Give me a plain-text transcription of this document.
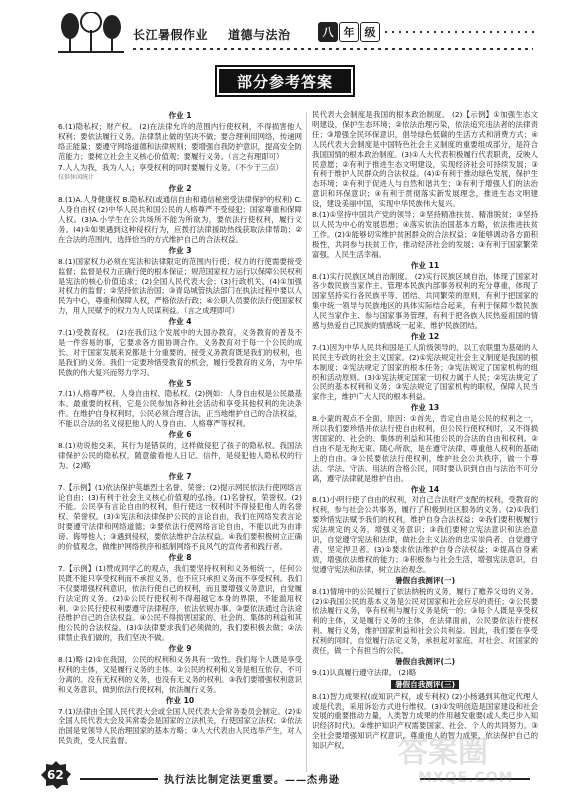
长江暑假作业 道德与法治	八 年 级
部分参考答案
作业 1
6.(1)隐私权；财产权。 (2)在法律允许的范围内行使权利，不得损害他人权利；要依法履行义务。法律禁止做的坚决不做；要合理利用网络，传递网络正能量；要遵守网络道德和法律规则；要增强自我防护意识，提高安全防范能力；要树立社会主义核心价值观；要履行义务。（言之有理即可）
7.人人为我，我为人人；享受权利的同时要履行义务。（不少于三点）
仅供休闲统计
作业 2
8.(1)A.人身健康权 B.隐私权(或通信自由和通信秘密受法律保护的权利) C.人身自由权 (2)中华人民共和国公民的人格尊严不受侵犯；国家尊重和保障人权。(3)A.小学生在公共场所不能为所欲为，要依法行使权利，履行义务。(4)①如果遇到这种侵权行为，应拨打法律援助热线获取法律帮助；②在合法的范围内，选择恰当的方式维护自己的合法权益。
作业 3
8.(1)国家权力必须在宪法和法律限定的范围内行使；权力的行使需要接受监督；监督是权力正确行使的根本保证；规范国家权力运行以保障公民权利是宪法的核心价值追求；(2)全国人民代表大会；(3)行政机关。(4)①加强对权力的监督；②坚持依法治国；③青岛城管执法部门在执法过程中要以人民为中心，尊重和保障人权，严格依法行政；④公职人员要依法行使国家权力，用人民赋予的权力为人民谋利益。（言之成理即可）
作业 4
7.(1)受教育权。 (2)在我们这个发展中的大国办教育，义务教育的普及不是一件容易的事，它要求各方面协调合作。义务教育对于每一个公民的成长、对于国家发展来说都是十分重要的。接受义务教育既是我们的权利，也是我们的义务。我们一定要珍惜受教育的机会，履行受教育的义务，为中华民族的伟大复兴而努力学习。
作业 5
7.(1)人格尊严权、人身自由权、隐私权。(2)例如：人身自由权是公民最基本、最重要的权利，它是公民参加各种社会活动和享受其他权利的先决条件。在维护自身权利时，公民必须合理合法，正当地维护自己的合法权益，不能以合法的名义侵犯他人的人身自由、人格尊严等权利。
作业 6
8.(1)劝说他交来，其行为是错误的，这样做侵犯了孩子的隐私权。我国法律保护公民的隐私权，随意偷看他人日记、信件，是侵犯他人隐私权的行为。(2)略
作业 7
7.【示例】(1)依法保护英雄烈士名誉、荣誉；(2)提示网民依法行使网络言论自由；(3)有利于社会主义核心价值观的弘扬。(1)名誉权，荣誉权。(2)不能。公民享有言论自由的权利，但行使这一权利时不得侵犯他人的名誉权、荣誉权。(3)①宪法和法律保护公民的言论自由，我们在网络发表言论时要遵守法律和网络道德；②要依法行使网络言论自由，不能以此为由诽谤、侮辱他人；③遇到侵权，要依法维护合法权益。④我们要积极树立正确的价值观念，做维护网络秩序和抵制网络不良风气的宣传者和践行者。
作业 8
7.【示例】(1)赞成同学乙的观点，我们要坚持权利和义务相统一，任何公民既不能只享受权利而不承担义务，也不应只承担义务而不享受权利。我们不仅要增强权利意识，依法行使自己的权利，而且要增强义务意识，自觉履行法定的义务。(2)①公民行使权利不得超越它本身的界限，不能滥用权利。②公民行使权利要遵守法律程序，依法依规办事。③要依法通过合法途径维护自己的合法权益。④公民不得损害国家的、社会的、集体的利益和其他公民的合法权益。(3)①法律要求我们必须做的，我们要积极去做；②法律禁止我们做的，我们坚决不做。
作业 9
8.(1)略 (2)①在我国，公民的权利和义务具有一致性。我们每个人既是享受权利的主体，又是履行义务的主体。②公民的权利和义务是相互依存、不可分离的。没有无权利的义务，也没有无义务的权利。③我们要增强权利意识和义务意识，做到依法行使权利，依法履行义务。
作业 10
7.(1)法律由全国人民代表大会或全国人民代表大会常务委员会制定。(2)①全国人民代表大会及其常委会是国家的立法机关，行使国家立法权；②依法治国是党领导人民治理国家的基本方略；③人大代表由人民选举产生，对人民负责，受人民监督。
民代表大会制度是我国的根本政治制度。 (2)【示例】①加强生态文明建设，保护生态环境；②依法治理污染，依法追究违法者的法律责任；③增强全民环保意识，倡导绿色低碳的生活方式和消费方式；④人民代表大会制度是中国特色社会主义制度的重要组成部分，是符合我国国情的根本政治制度。(3)①人大代表积极履行代表职责，反映人民意愿；②有利于推进生态文明建设，实现经济社会可持续发展；③有利于维护人民群众的合法权益。(4)①有利于推动绿色发展，保护生态环境；②有利于促进人与自然和谐共生；③有利于增强人们的法治意识和环保意识；④有利于贯彻落实新发展理念，推进生态文明建设，建设美丽中国，实现中华民族伟大复兴。
8.(1)①坚持中国共产党的领导；②坚持精准扶贫、精准脱贫；③坚持以人民为中心的发展思想；④落实依法治国基本方略，依法推进扶贫工作。(2)①能够切实维护贫困群众的合法权益；②能够调动各方面积极性，共同参与扶贫工作，推动经济社会的发展；③有利于国家繁荣富强，人民生活幸福。
作业 11
8.(1)实行民族区域自治制度。 (2)实行民族区域自治，体现了国家对各少数民族当家作主、管理本民族内部事务权利的充分尊重，体现了国家坚持实行各民族平等、团结、共同繁荣的原则，有利于把国家的集中统一领导与民族地区的具体实际结合起来，有利于保障少数民族人民当家作主、参与国家事务管理，有利于把各族人民热爱祖国的情感与热爱自己民族的情感统一起来，维护民族团结。
作业 12
7.(1)因为中华人民共和国是工人阶级领导的、以工农联盟为基础的人民民主专政的社会主义国家。(2)①宪法规定社会主义制度是我国的根本制度；②宪法规定了国家的根本任务；③宪法规定了国家机构的组织和活动原则。(3)①宪法规定国家一切权力属于人民；②宪法规定了公民的基本权利和义务；③宪法规定了国家机构的职权，保障人民当家作主，维护广大人民的根本利益。
作业 13
8.小蒙的观点不全面，原因：①首先，肯定自由是公民的权利之一，所以我们要珍惜并依法行使自由权利，但公民行使权利时，又不得损害国家的、社会的、集体的利益和其他公民的合法的自由和权利。②自由不是无拘无束、随心所欲，是在遵守法律、尊重他人权利的基础上的自由。③公民要依法行使权利，维护社会公共秩序，做一个尊法、学法、守法、用法的合格公民，同时要认识到自由与法治不可分离，遵守法律就是维护自由。
作业 14
8.(1)小明行使了自由的权利，对自己合法财产支配的权利，受教育的权利，参与社会公共事务，履行了积极到社区服务的义务。(2)①我们要珍惜宪法赋予我们的权利，维护自身合法权益；②我们要积极履行宪法规定的义务，增强义务意识；③我们要树立宪法意识和法治意识，自觉遵守宪法和法律，做社会主义法治的忠实崇尚者、自觉遵守者、坚定捍卫者。(3)①要求依法维护自身合法权益；②提高自身素质，增强依法维权的能力；③积极参与社会生活，增强宪法意识，自觉遵守宪法和法律，树立法治观念。
暑假自我测评(一)
8.(1)情境中的公民履行了依法纳税的义务，履行了赡养父母的义务。(2)①我国公民的基本义务是公民对国家和社会应尽的责任；②公民要依法履行义务，享有权利与履行义务是统一的；③每个人既是享受权利的主体，又是履行义务的主体，在法律面前，公民要依法行使权利、履行义务，维护国家利益和社会公共利益。因此，我们要在享受权利的同时，自觉履行法定义务，承担起对家庭、对社会、对国家的责任，做一个有担当的公民。
暑假自我测评(二)
9.(1)认真履行遵守法律。 (2)略
暑假自我测评(三)
8.(1)智力成果权(或知识产权，或专利权) (2)小杨遇到其他定代理人或是代表，采用诉讼方式进行维权。(3)①发明创造是国家建设和社会发展的重要推动力量，人类智力成果的作用越发重要(或人类已步入知识经济时代)。②维护知识产权需要国家、社会、个人的共同努力。③全社会要增强知识产权意识，尊重他人的智力成果，依法保护自己的知识产权。
62	执行法比制定法更重要。——杰弗逊
答案圈
MXQE.COM
